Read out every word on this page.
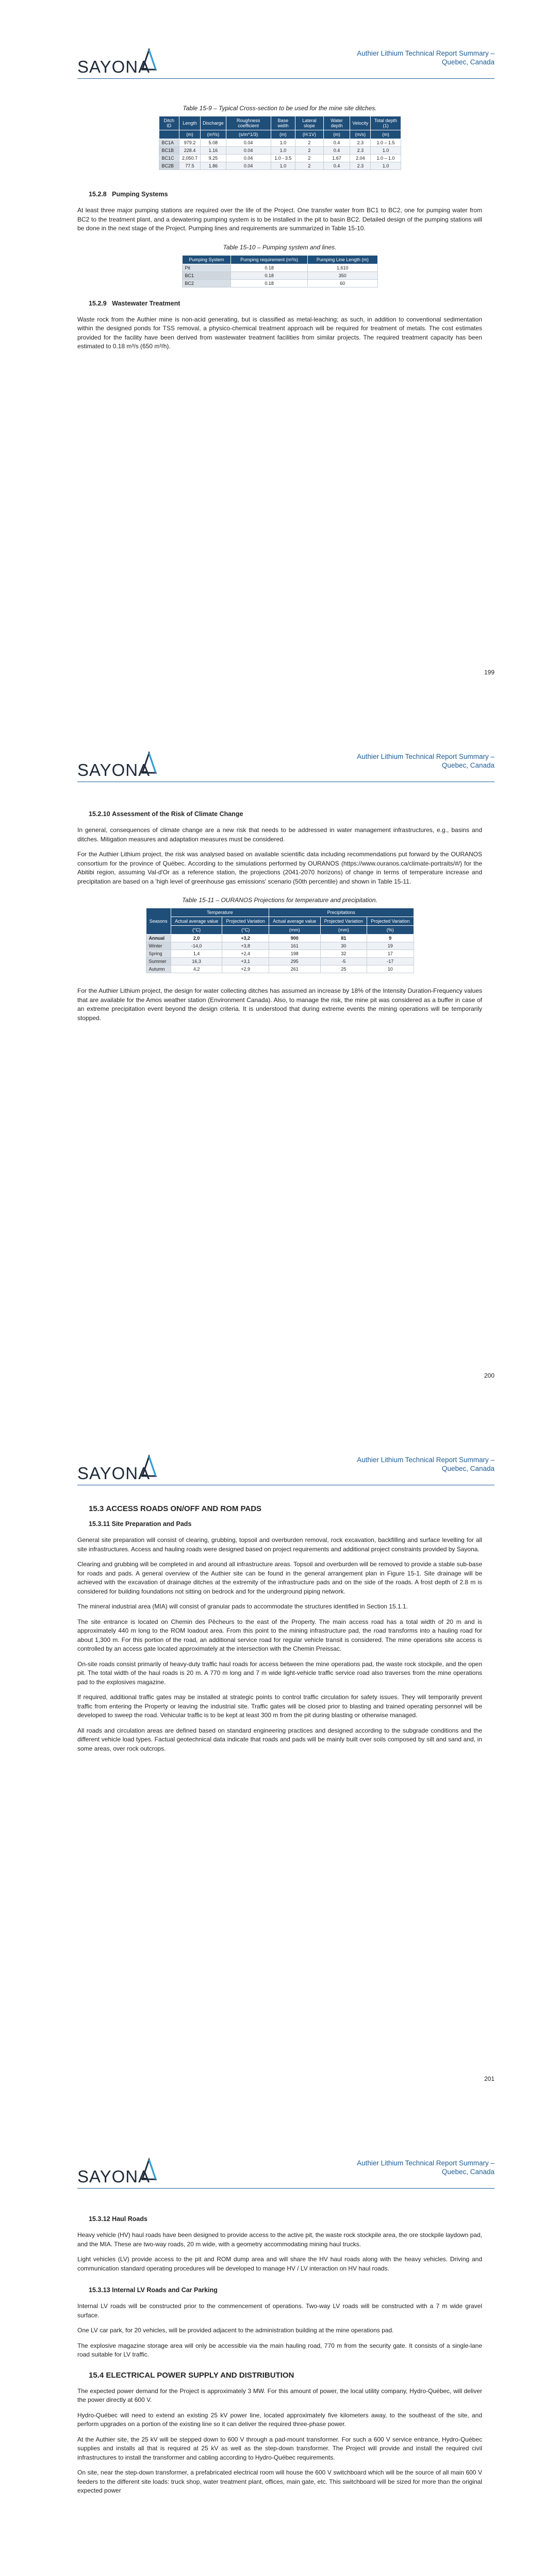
SAYONA
Authier Lithium Technical Report Summary –
Quebec, Canada
Table 15-9 – Typical Cross-section to be used for the mine site ditches.
Ditch ID	Length	Discharge	Roughness coefficient	Base width	Lateral slope	Water depth	Velocity	Total depth (1)
	(m)	(m³/s)	(s/m^1/3)	(m)	(H:1V)	(m)	(m/s)	(m)
BC1A	979.2	5.08	0.04	1.0	2	0.4	2.3	1.0 – 1.5
BC1B	228.4	1.16	0.04	1.0	2	0.4	2.3	1.0
BC1C	2,050.7	9.25	0.04	1.0 - 3.5	2	1.67	2.04	1.0 – 1.0
BC2B	77.5	1.86	0.04	1.0	2	0.4	2.3	1.0
15.2.8   Pumping Systems

At least three major pumping stations are required over the life of the Project. One transfer water from BC1 to BC2, one for pumping water from BC2 to the treatment plant, and a dewatering pumping system is to be installed in the pit to basin BC2. Detailed design of the pumping stations will be done in the next stage of the Project. Pumping lines and requirements are summarized in Table 15-10.

Table 15-10 – Pumping system and lines.
Pumping System	Pumping requirement (m³/s)	Pumping Line Length (m)
Pit	0.18	1,610
BC1	0.18	350
BC2	0.18	60
15.2.9   Wastewater Treatment

Waste rock from the Authier mine is non-acid generating, but is classified as metal-leaching; as such, in addition to conventional sedimentation within the designed ponds for TSS removal, a physico-chemical treatment approach will be required for treatment of metals. The cost estimates provided for the facility have been derived from wastewater treatment facilities from similar projects. The required treatment capacity has been estimated to 0.18 m³/s (650 m³/h).

199
SAYONA
Authier Lithium Technical Report Summary –
Quebec, Canada
15.2.10 Assessment of the Risk of Climate Change

In general, consequences of climate change are a new risk that needs to be addressed in water management infrastructures, e.g., basins and ditches. Mitigation measures and adaptation measures must be considered.

For the Authier Lithium project, the risk was analysed based on available scientific data including recommendations put forward by the OURANOS consortium for the province of Québec. According to the simulations performed by OURANOS (https://www.ouranos.ca/climate-portraits/#/) for the Abitibi region, assuming Val-d'Or as a reference station, the projections (2041-2070 horizons) of change in terms of temperature increase and precipitation are based on a 'high level of greenhouse gas emissions' scenario (50th percentile) and shown in Table 15-11.

Table 15-11 – OURANOS Projections for temperature and precipitation.
Seasons	Temperature		Precipitations		
	Actual average value	Projected Variation	Actual average value	Projected Variation	Projected Variation
	(°C)	(°C)	(mm)	(mm)	(%)
Annual	2,0	+3,2	900	81	9
Winter	-14,0	+3,8	161	30	19
Spring	1,4	+2,4	198	32	17
Summer	16,3	+3,1	295	-5	-17
Autumn	4,2	+2,9	261	25	10

For the Authier Lithium project, the design for water collecting ditches has assumed an increase by 18% of the Intensity Duration-Frequency values that are available for the Amos weather station (Environment Canada). Also, to manage the risk, the mine pit was considered as a buffer in case of an extreme precipitation event beyond the design criteria. It is understood that during extreme events the mining operations will be temporarily stopped.

200
SAYONA
Authier Lithium Technical Report Summary –
Quebec, Canada
15.3 ACCESS ROADS ON/OFF AND ROM PADS
15.3.11 Site Preparation and Pads

General site preparation will consist of clearing, grubbing, topsoil and overburden removal, rock excavation, backfilling and surface levelling for all site infrastructures. Access and hauling roads were designed based on project requirements and additional project constraints provided by Sayona.

Clearing and grubbing will be completed in and around all infrastructure areas. Topsoil and overburden will be removed to provide a stable sub-base for roads and pads. A general overview of the Authier site can be found in the general arrangement plan in Figure 15-1. Site drainage will be achieved with the excavation of drainage ditches at the extremity of the infrastructure pads and on the side of the roads. A frost depth of 2.8 m is considered for building foundations not sitting on bedrock and for the underground piping network.

The mineral industrial area (MIA) will consist of granular pads to accommodate the structures identified in Section 15.1.1.

The site entrance is located on Chemin des Pêcheurs to the east of the Property. The main access road has a total width of 20 m and is approximately 440 m long to the ROM loadout area. From this point to the mining infrastructure pad, the road transforms into a hauling road for about 1,300 m. For this portion of the road, an additional service road for regular vehicle transit is considered. The mine operations site access is controlled by an access gate located approximately at the intersection with the Chemin Preissac.

On-site roads consist primarily of heavy-duty traffic haul roads for access between the mine operations pad, the waste rock stockpile, and the open pit. The total width of the haul roads is 20 m. A 770 m long and 7 m wide light-vehicle traffic service road also traverses from the mine operations pad to the explosives magazine.

If required, additional traffic gates may be installed at strategic points to control traffic circulation for safety issues. They will temporarily prevent traffic from entering the Property or leaving the industrial site. Traffic gates will be closed prior to blasting and trained operating personnel will be developed to sweep the road. Vehicular traffic is to be kept at least 300 m from the pit during blasting or otherwise managed.

All roads and circulation areas are defined based on standard engineering practices and designed according to the subgrade conditions and the different vehicle load types. Factual geotechnical data indicate that roads and pads will be mainly built over soils composed by silt and sand and, in some areas, over rock outcrops.

201
SAYONA
Authier Lithium Technical Report Summary –
Quebec, Canada
15.3.12 Haul Roads

Heavy vehicle (HV) haul roads have been designed to provide access to the active pit, the waste rock stockpile area, the ore stockpile laydown pad, and the MIA. These are two-way roads, 20 m wide, with a geometry accommodating mining haul trucks.

Light vehicles (LV) provide access to the pit and ROM dump area and will share the HV haul roads along with the heavy vehicles. Driving and communication standard operating procedures will be developed to manage HV / LV interaction on HV haul roads.

15.3.13 Internal LV Roads and Car Parking

Internal LV roads will be constructed prior to the commencement of operations. Two-way LV roads will be constructed with a 7 m wide gravel surface.

One LV car park, for 20 vehicles, will be provided adjacent to the administration building at the mine operations pad.

The explosive magazine storage area will only be accessible via the main hauling road, 770 m from the security gate. It consists of a single-lane road suitable for LV traffic.

15.4 ELECTRICAL POWER SUPPLY AND DISTRIBUTION

The expected power demand for the Project is approximately 3 MW. For this amount of power, the local utility company, Hydro-Québec, will deliver the power directly at 600 V.

Hydro-Québec will need to extend an existing 25 kV power line, located approximately five kilometers away, to the southeast of the site, and perform upgrades on a portion of the existing line so it can deliver the required three-phase power.

At the Authier site, the 25 kV will be stepped down to 600 V through a pad-mount transformer. For such a 600 V service entrance, Hydro-Québec supplies and installs all that is required at 25 kV as well as the step-down transformer. The Project will provide and install the required civil infrastructures to install the transformer and cabling according to Hydro-Québec requirements.

On site, near the step-down transformer, a prefabricated electrical room will house the 600 V switchboard which will be the source of all main 600 V feeders to the different site loads: truck shop, water treatment plant, offices, main gate, etc. This switchboard will be sized for more than the original expected power
